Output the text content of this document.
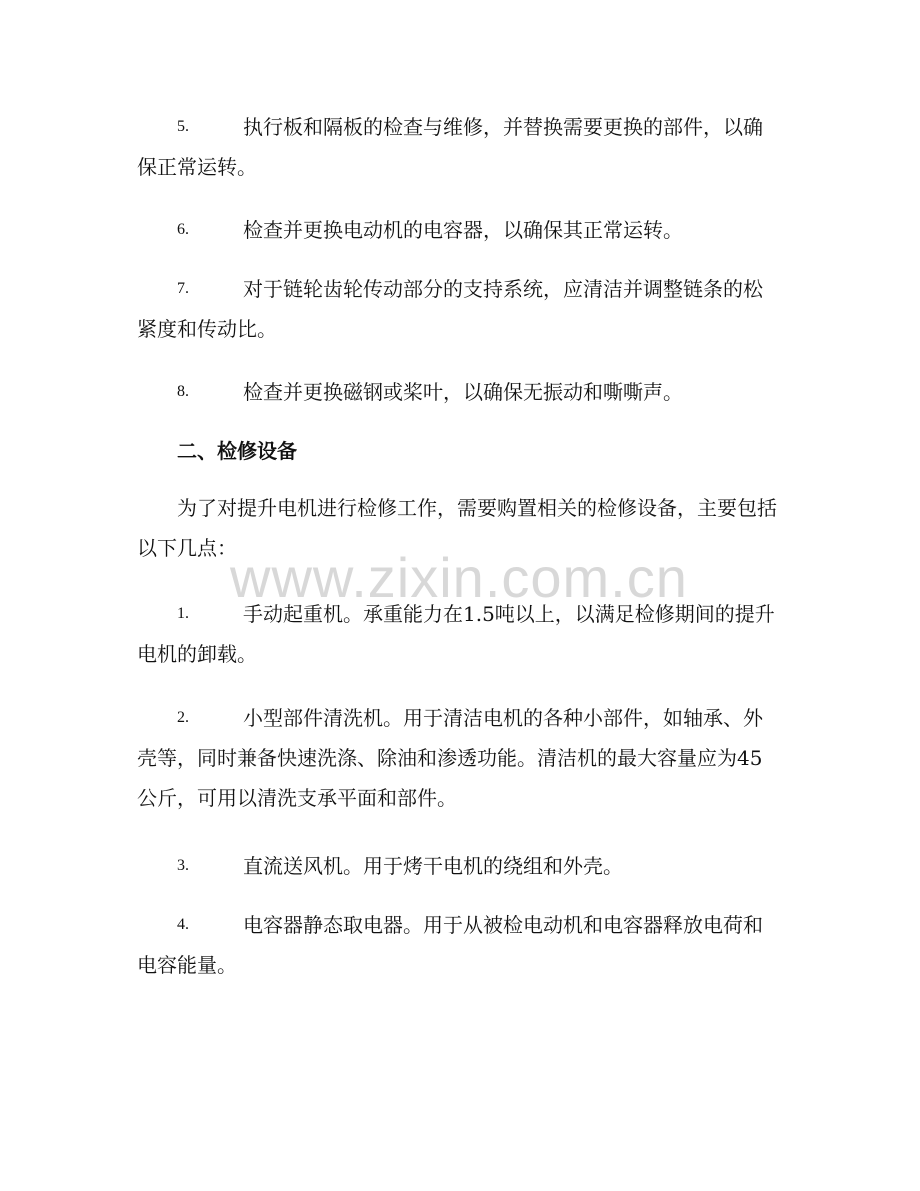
5.	执行板和隔板的检查与维修，并替换需要更换的部件，以确保正常运转。
6.	检查并更换电动机的电容器，以确保其正常运转。
7.	对于链轮齿轮传动部分的支持系统，应清洁并调整链条的松紧度和传动比。
8.	检查并更换磁钢或桨叶，以确保无振动和嘶嘶声。
二、检修设备
为了对提升电机进行检修工作，需要购置相关的检修设备，主要包括以下几点：
www.zixin.com.cn
1.	手动起重机。承重能力在1.5吨以上，以满足检修期间的提升电机的卸载。
2.	小型部件清洗机。用于清洁电机的各种小部件，如轴承、外壳等，同时兼备快速洗涤、除油和渗透功能。清洁机的最大容量应为45公斤，可用以清洗支承平面和部件。
3.	直流送风机。用于烤干电机的绕组和外壳。
4.	电容器静态取电器。用于从被检电动机和电容器释放电荷和电容能量。
